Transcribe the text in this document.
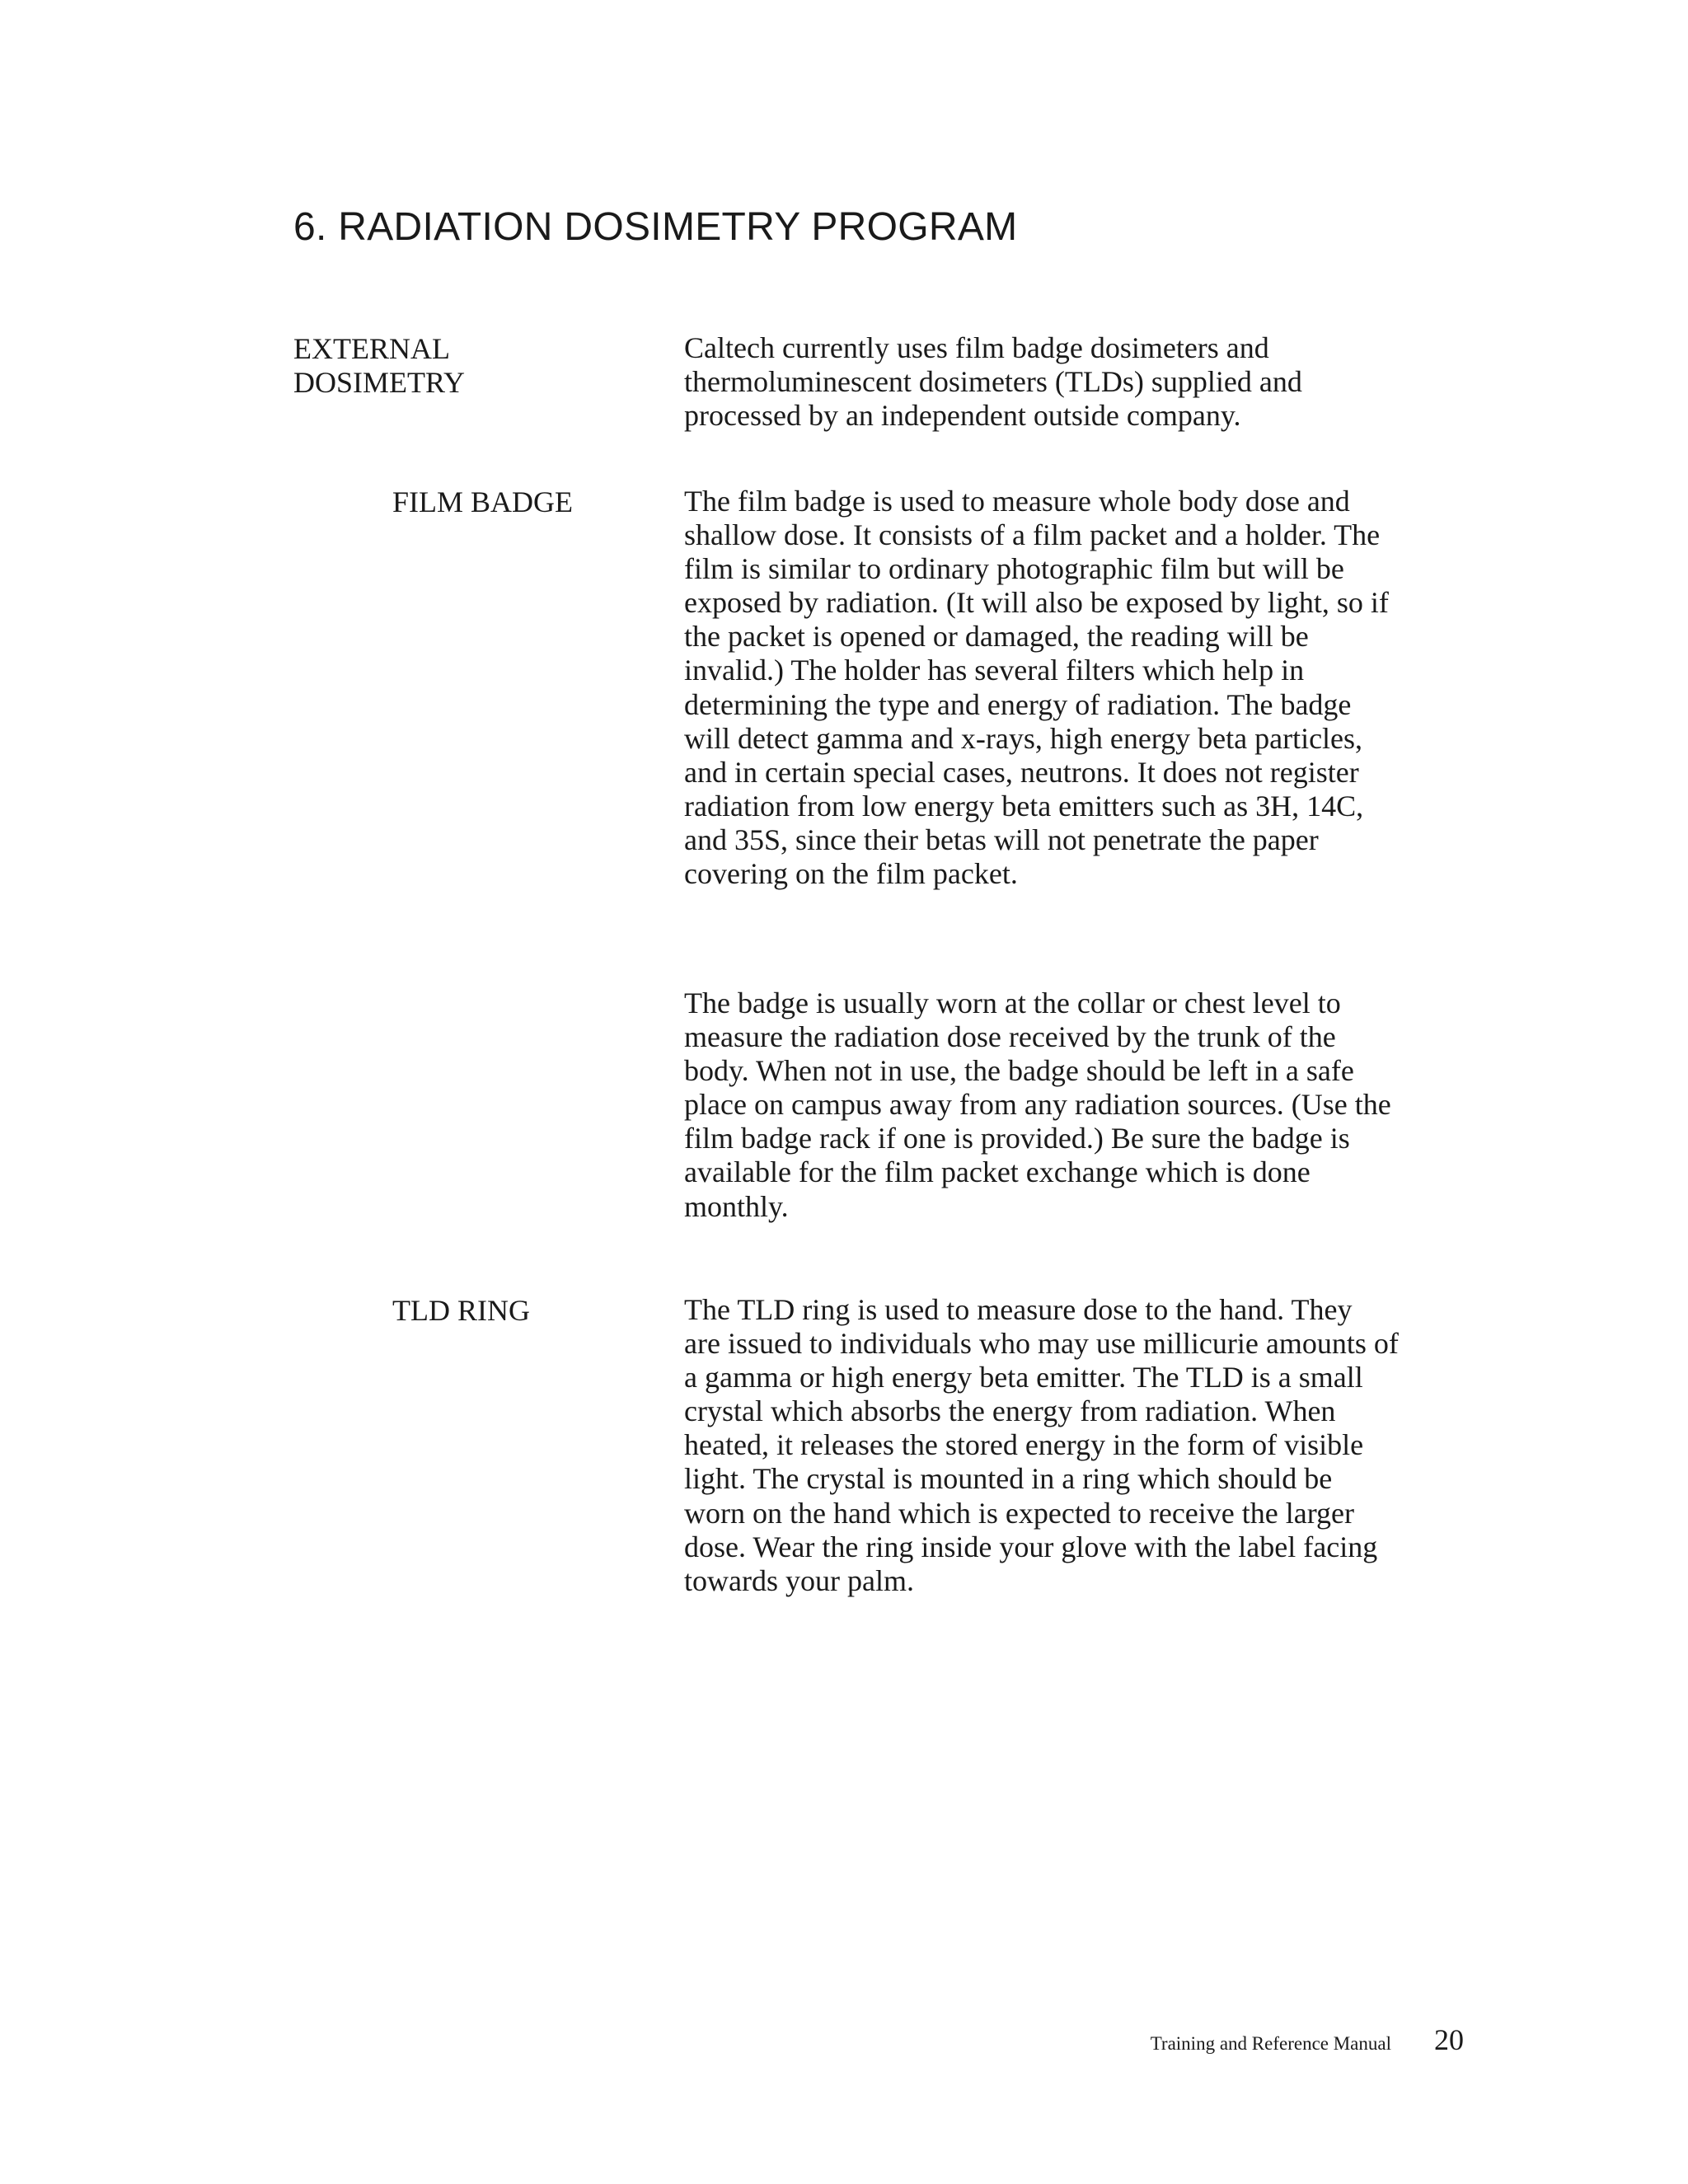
6. RADIATION DOSIMETRY PROGRAM
EXTERNAL
DOSIMETRY
Caltech currently uses film badge dosimeters and
thermoluminescent dosimeters (TLDs) supplied and
processed by an independent outside company.
FILM BADGE	The film badge is used to measure whole body dose and
shallow dose. It consists of a film packet and a holder. The
film is similar to ordinary photographic film but will be
exposed by radiation. (It will also be exposed by light, so if
the packet is opened or damaged, the reading will be
invalid.) The holder has several filters which help in
determining the type and energy of radiation. The badge
will detect gamma and x-rays, high energy beta particles,
and in certain special cases, neutrons. It does not register
radiation from low energy beta emitters such as 3H, 14C,
and 35S, since their betas will not penetrate the paper
covering on the film packet.
The badge is usually worn at the collar or chest level to
measure the radiation dose received by the trunk of the
body. When not in use, the badge should be left in a safe
place on campus away from any radiation sources. (Use the
film badge rack if one is provided.) Be sure the badge is
available for the film packet exchange which is done
monthly.
TLD RING	The TLD ring is used to measure dose to the hand. They
are issued to individuals who may use millicurie amounts of
a gamma or high energy beta emitter. The TLD is a small
crystal which absorbs the energy from radiation. When
heated, it releases the stored energy in the form of visible
light. The crystal is mounted in a ring which should be
worn on the hand which is expected to receive the larger
dose. Wear the ring inside your glove with the label facing
towards your palm.
Training and Reference Manual 20
